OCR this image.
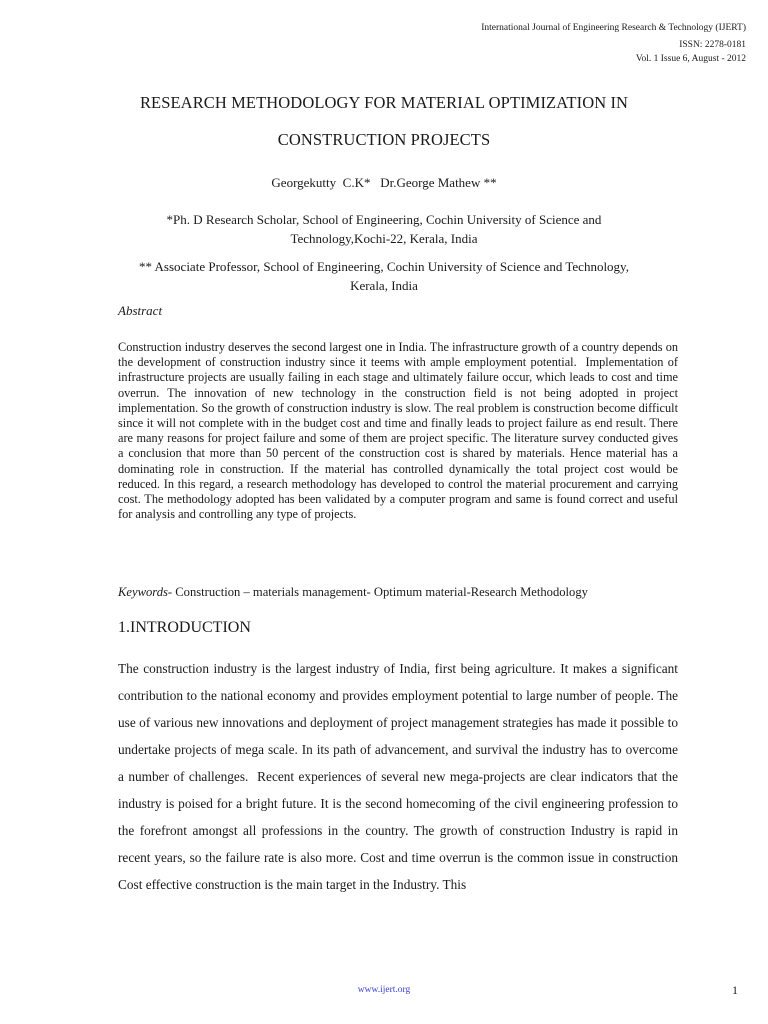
International Journal of Engineering Research & Technology (IJERT)
ISSN: 2278-0181
Vol. 1 Issue 6, August - 2012
RESEARCH METHODOLOGY FOR MATERIAL OPTIMIZATION IN
CONSTRUCTION PROJECTS
Georgekutty  C.K*   Dr.George Mathew **
*Ph. D Research Scholar, School of Engineering, Cochin University of Science and
Technology,Kochi-22, Kerala, India
** Associate Professor, School of Engineering, Cochin University of Science and Technology,
Kerala, India
Abstract
Construction industry deserves the second largest one in India. The infrastructure growth of a country depends on the development of construction industry since it teems with ample employment potential.  Implementation of infrastructure projects are usually failing in each stage and ultimately failure occur, which leads to cost and time overrun. The innovation of new technology in the construction field is not being adopted in project implementation. So the growth of construction industry is slow. The real problem is construction become difficult since it will not complete with in the budget cost and time and finally leads to project failure as end result. There are many reasons for project failure and some of them are project specific. The literature survey conducted gives a conclusion that more than 50 percent of the construction cost is shared by materials. Hence material has a dominating role in construction. If the material has controlled dynamically the total project cost would be reduced. In this regard, a research methodology has developed to control the material procurement and carrying cost. The methodology adopted has been validated by a computer program and same is found correct and useful for analysis and controlling any type of projects.
Keywords- Construction – materials management- Optimum material-Research Methodology
1.INTRODUCTION
The construction industry is the largest industry of India, first being agriculture. It makes a significant contribution to the national economy and provides employment potential to large number of people. The use of various new innovations and deployment of project management strategies has made it possible to undertake projects of mega scale. In its path of advancement, and survival the industry has to overcome a number of challenges.  Recent experiences of several new mega-projects are clear indicators that the industry is poised for a bright future. It is the second homecoming of the civil engineering profession to the forefront amongst all professions in the country. The growth of construction Industry is rapid in recent years, so the failure rate is also more. Cost and time overrun is the common issue in construction Cost effective construction is the main target in the Industry. This
www.ijert.org	1
